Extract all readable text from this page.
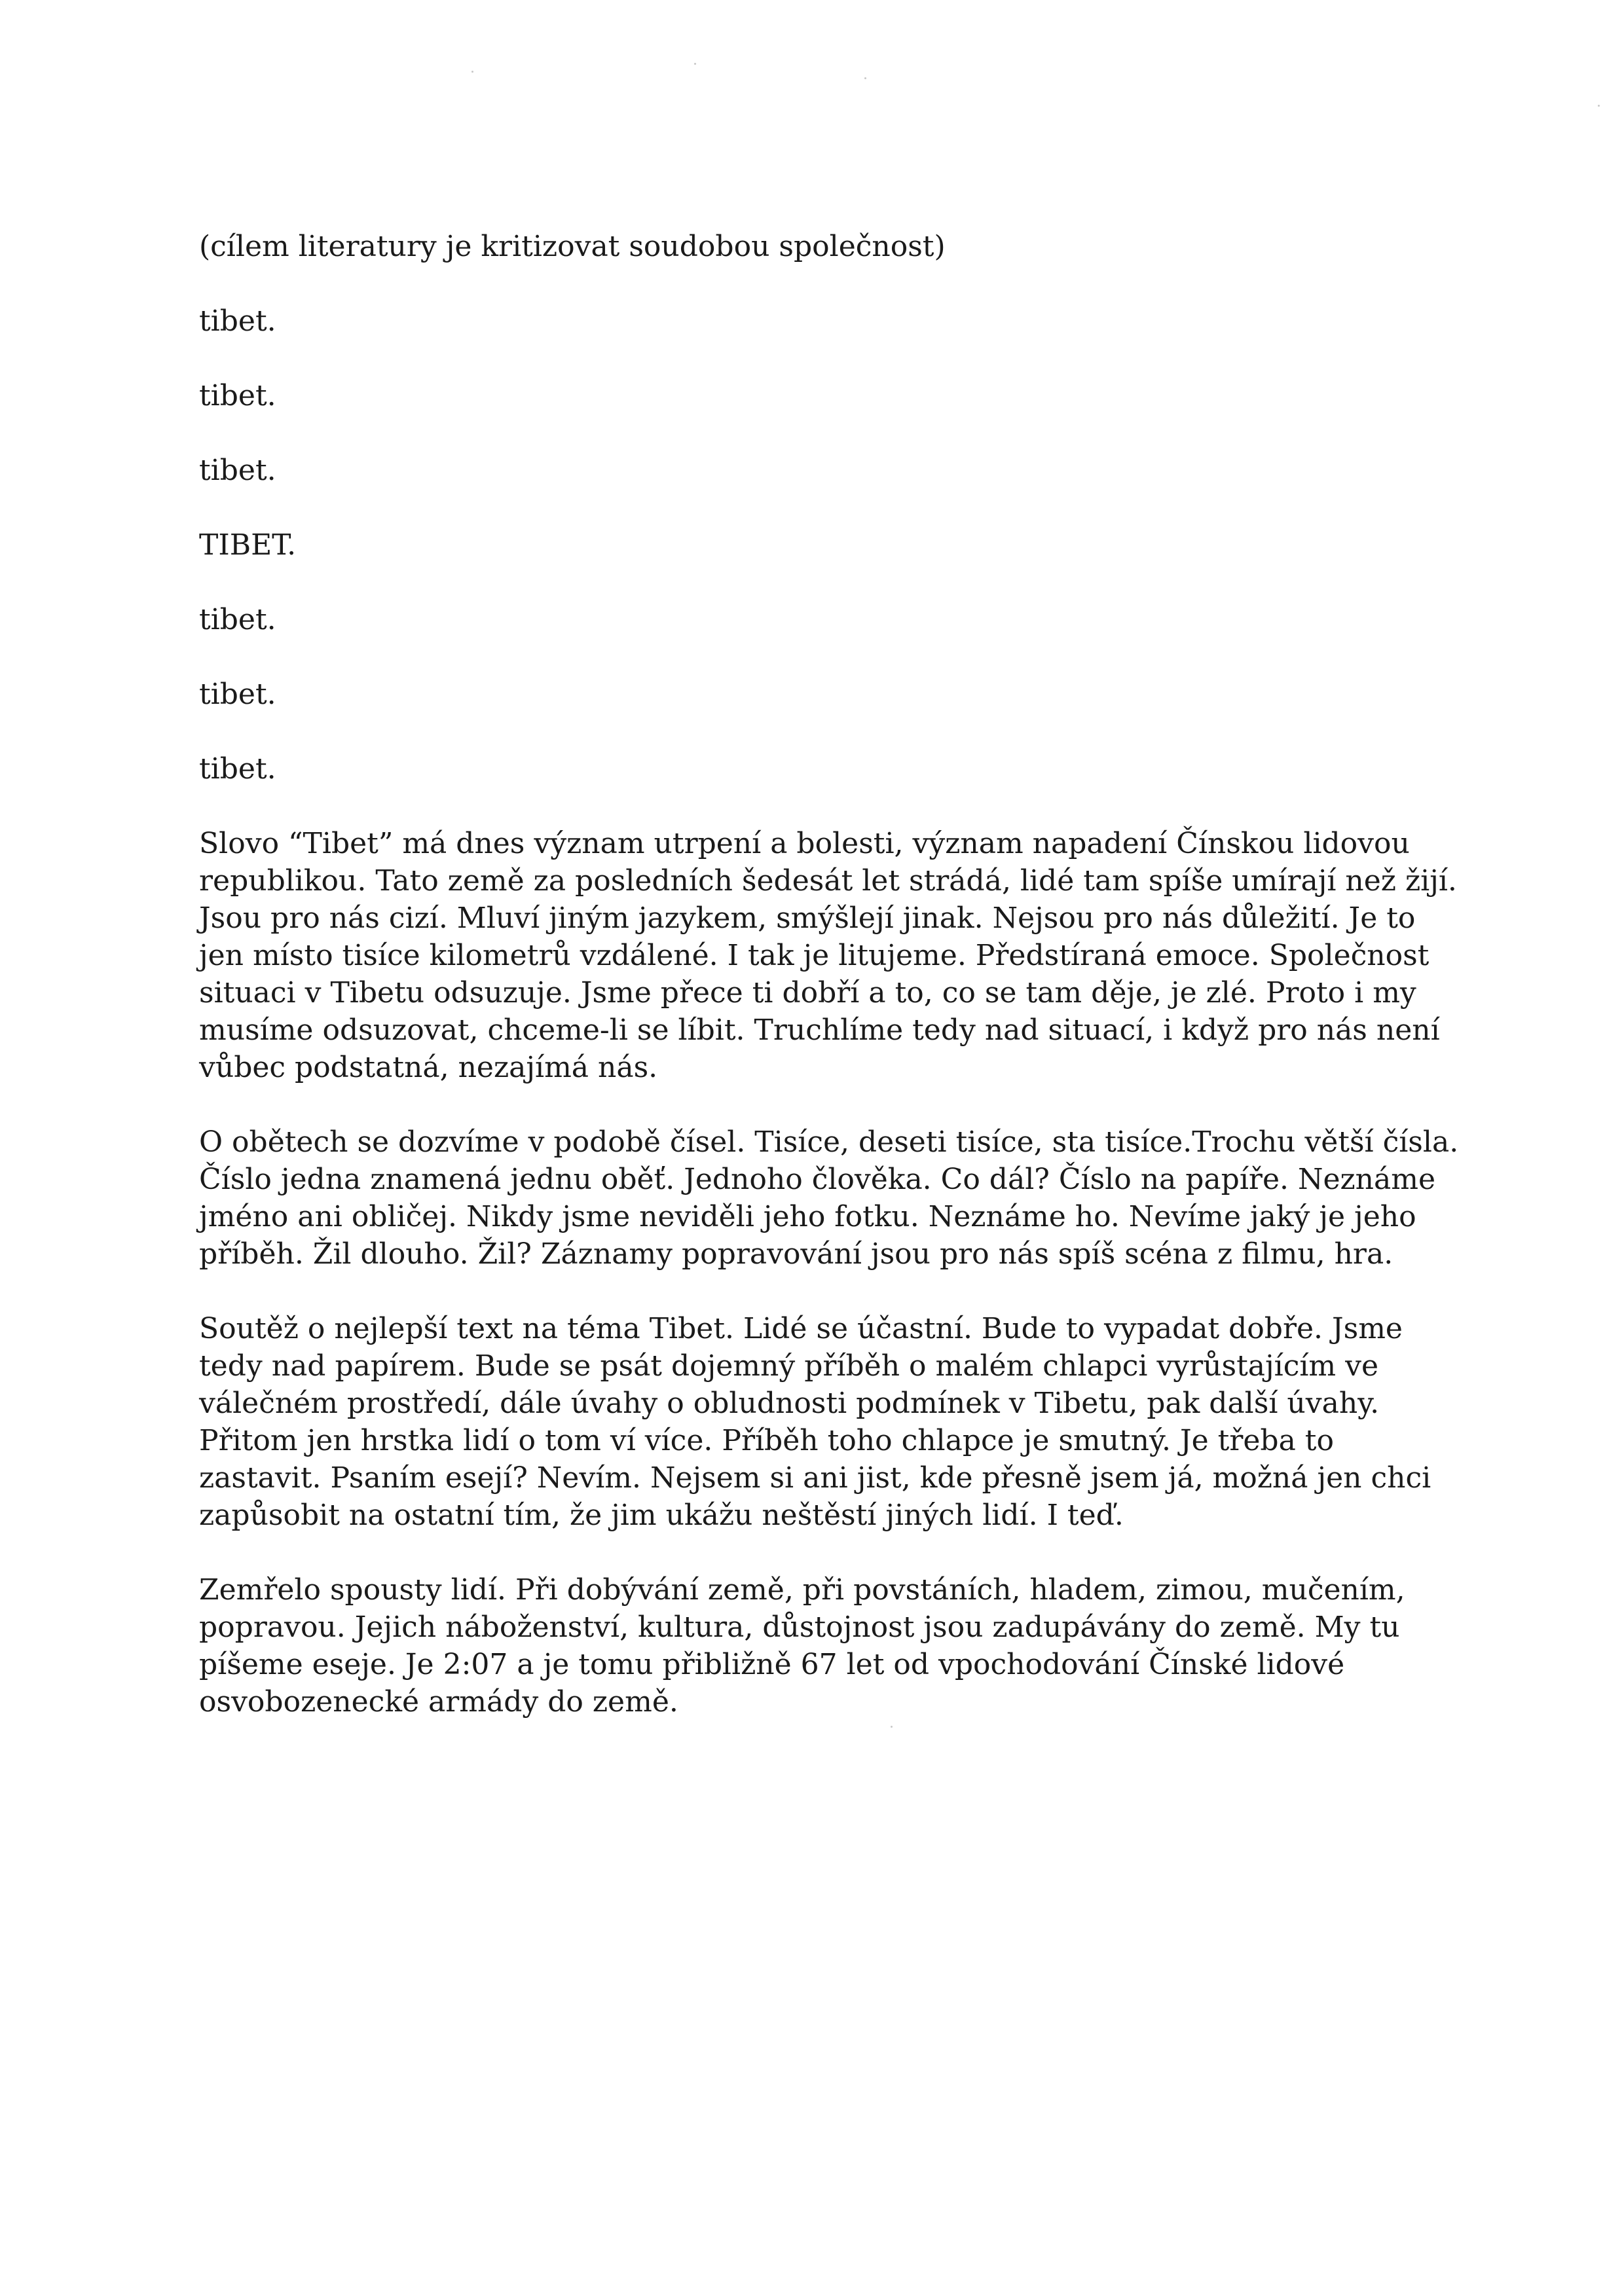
(cílem literatury je kritizovat soudobou společnost)

tibet.

tibet.

tibet.

TIBET.

tibet.

tibet.

tibet.

Slovo “Tibet” má dnes význam utrpení a bolesti, význam napadení Čínskou lidovou

republikou. Tato země za posledních šedesát let strádá, lidé tam spíše umírají než žijí.

Jsou pro nás cizí. Mluví jiným jazykem, smýšlejí jinak. Nejsou pro nás důležití. Je to

jen místo tisíce kilometrů vzdálené. I tak je litujeme. Předstíraná emoce. Společnost

situaci v Tibetu odsuzuje. Jsme přece ti dobří a to, co se tam děje, je zlé. Proto i my

musíme odsuzovat, chceme-li se líbit. Truchlíme tedy nad situací, i když pro nás není

vůbec podstatná, nezajímá nás.

O obětech se dozvíme v podobě čísel. Tisíce, deseti tisíce, sta tisíce.Trochu větší čísla.

Číslo jedna znamená jednu oběť. Jednoho člověka. Co dál? Číslo na papíře. Neznáme

jméno ani obličej. Nikdy jsme neviděli jeho fotku. Neznáme ho. Nevíme jaký je jeho

příběh. Žil dlouho. Žil? Záznamy popravování jsou pro nás spíš scéna z filmu, hra.

Soutěž o nejlepší text na téma Tibet. Lidé se účastní. Bude to vypadat dobře. Jsme

tedy nad papírem. Bude se psát dojemný příběh o malém chlapci vyrůstajícím ve

válečném prostředí, dále úvahy o obludnosti podmínek v Tibetu, pak další úvahy.

Přitom jen hrstka lidí o tom ví více. Příběh toho chlapce je smutný. Je třeba to

zastavit. Psaním esejí? Nevím. Nejsem si ani jist, kde přesně jsem já, možná jen chci

zapůsobit na ostatní tím, že jim ukážu neštěstí jiných lidí. I teď.

Zemřelo spousty lidí. Při dobývání země, při povstáních, hladem, zimou, mučením,

popravou. Jejich náboženství, kultura, důstojnost jsou zadupávány do země. My tu

píšeme eseje. Je 2:07 a je tomu přibližně 67 let od vpochodování Čínské lidové

osvobozenecké armády do země.
